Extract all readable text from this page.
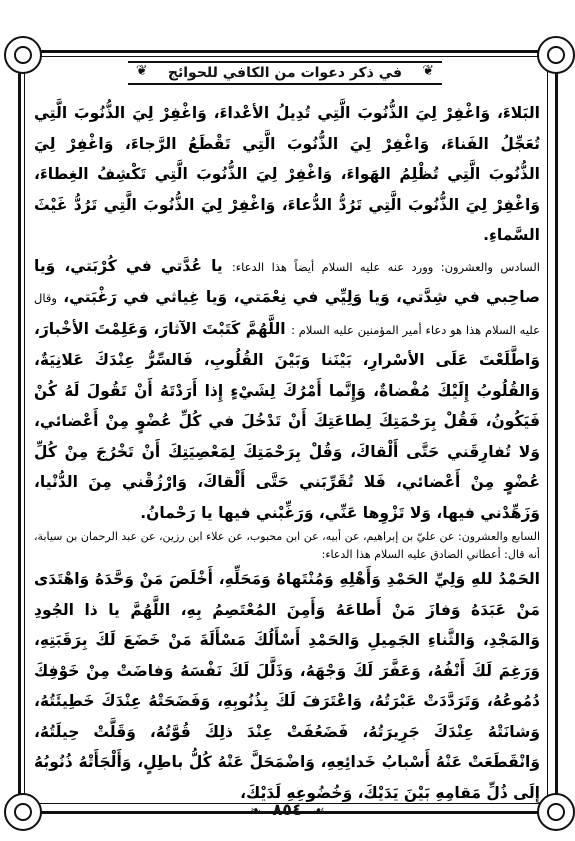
❦ في ذكر دعوات من الكافي للحوائج ❦

البَلاءَ، وَاغْفِرْ لِيَ الذُّنُوبَ الَّتِي تُدِيلُ الأعْداءَ، وَاغْفِرْ لِيَ الذُّنُوبَ الَّتِي تُعَجِّلُ الفَناءَ، وَاغْفِرْ لِيَ الذُّنُوبَ الَّتِي تَقْطَعُ الرَّجاءَ، وَاغْفِرْ لِيَ الذُّنُوبَ الَّتِي تُظْلِمُ الهَواءَ، وَاغْفِرْ لِيَ الذُّنُوبَ الَّتِي تَكْشِفُ الغِطاءَ، وَاغْفِرْ لِيَ الذُّنُوبَ الَّتِي تَرُدُّ الدُّعاءَ، وَاغْفِرْ لِيَ الذُّنُوبَ الَّتِي تَرُدُّ غَيْثَ السَّماءِ.

السادس والعشرون: وورد عنه عليه السلام أيضاً هذا الدعاء: يا عُدَّتي في كُرْبَتي، وَيا صاحِبي في شِدَّتي، وَيا وَلِيِّي في نِعْمَتي، وَيا غِياثي في رَغْبَتي، وقال عليه السلام هذا هو دعاء أمير المؤمنين عليه السلام : اللَّهُمَّ كَتَبْتَ الآثارَ، وَعَلِمْتَ الأخْبارَ، وَاطَّلَعْتَ عَلَى الأسْرارِ، بَيْنَنا وَبَيْنَ القُلُوبِ، فَالسِّرُّ عِنْدَكَ عَلانِيَةٌ، وَالقُلُوبُ إِلَيْكَ مُفْضاةٌ، وَإِنَّما أَمْرُكَ لِشَيْءٍ إِذا أَرَدْتَهُ أَنْ تَقُولَ لَهُ كُنْ فَيَكُونُ، فَقُلْ بِرَحْمَتِكَ لِطاعَتِكَ أَنْ تَدْخُلَ في كُلِّ عُضْوٍ مِنْ أَعْضائي، وَلا تُفارِقَني حَتَّى أَلْقاكَ، وَقُلْ بِرَحْمَتِكَ لِمَعْصِيَتِكَ أَنْ تَخْرُجَ مِنْ كُلِّ عُضْوٍ مِنْ أَعْضائي، فَلا تُقَرِّبَني حَتَّى أَلْقاكَ، وَارْزُقْني مِنَ الدُّنْيا، وَزَهِّدْني فيها، وَلا تَزْوِها عَنِّي، وَرَغِّبْني فيها يا رَحْمانُ.

السابع والعشرون: عن عليّ بن إبراهيم، عن أبيه، عن ابن محبوب، عن علاء ابن رزين، عن عبد الرحمان بن سيابة، أنه قال: أعطاني الصادق عليه السلام هذا الدعاء:

الحَمْدُ للهِ وَلِيِّ الحَمْدِ وَأَهْلِهِ وَمُنْتَهاهُ وَمَحَلِّهِ، أَخْلَصَ مَنْ وَحَّدَهُ وَاهْتَدَى مَنْ عَبَدَهُ وَفازَ مَنْ أَطاعَهُ وَأَمِنَ المُعْتَصِمُ بِهِ، اللَّهُمَّ يا ذا الجُودِ وَالمَجْدِ، وَالثَّناءِ الجَمِيلِ وَالحَمْدِ أَسْأَلُكَ مَسْأَلَةَ مَنْ خَضَعَ لَكَ بِرَقَبَتِهِ، وَرَغِمَ لَكَ أَنْفُهُ، وَعَفَّرَ لَكَ وَجْهَهُ، وَذَلَّلَ لَكَ نَفْسَهُ وَفاضَتْ مِنْ خَوْفِكَ دُمُوعُهُ، وَتَرَدَّدَتْ عَبْرَتُهُ، وَاعْتَرَفَ لَكَ بِذُنُوبِهِ، وَفَضَحَتْهُ عِنْدَكَ خَطِيئَتُهُ، وَشانَتْهُ عِنْدَكَ جَرِيرَتُهُ، فَضَعُفَتْ عِنْدَ ذلِكَ قُوَّتُهُ، وَقَلَّتْ حِيلَتُهُ، وَانْقَطَعَتْ عَنْهُ أَسْبابُ خَدائِعِهِ، وَاضْمَحَلَّ عَنْهُ كُلُّ باطِلٍ، وَأَلْجَأَتْهُ ذُنُوبُهُ إِلَى ذُلِّ مَقامِهِ بَيْنَ يَدَيْكَ، وَخُضُوعِهِ لَدَيْكَ،

❧ ٨٥٤ ☙
